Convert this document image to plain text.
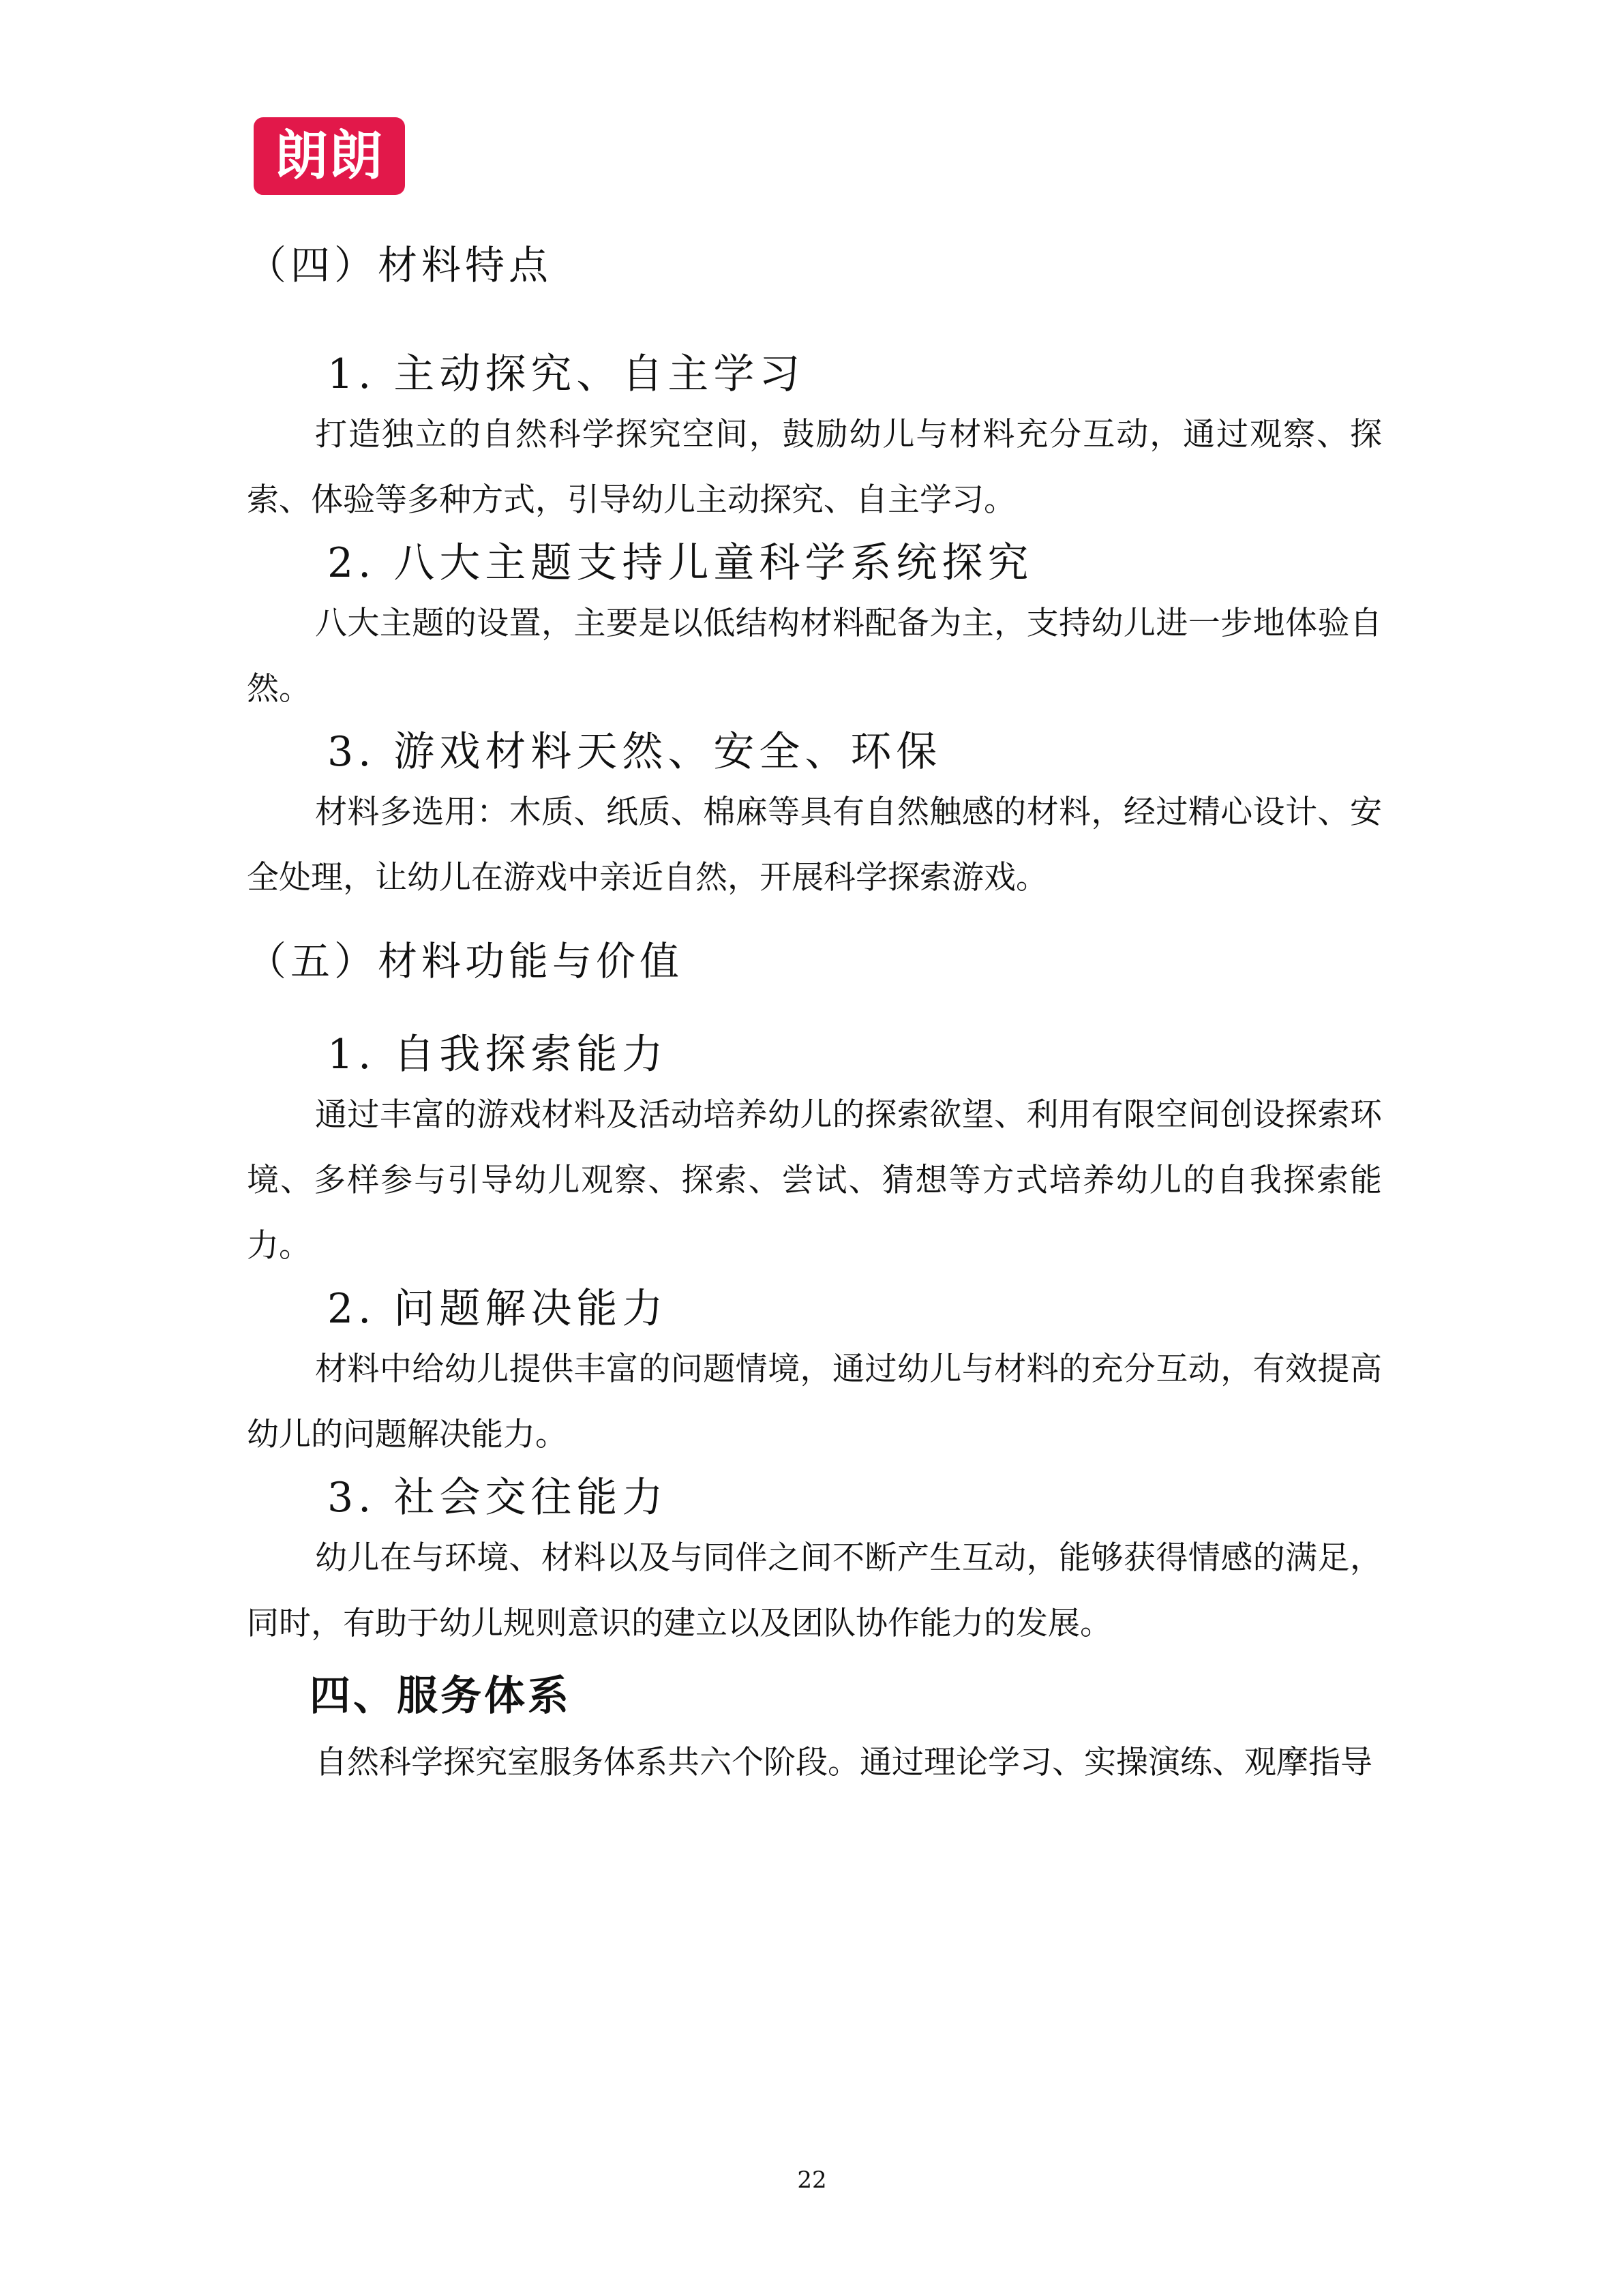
朗朗
（四）材料特点
1. 主动探究、自主学习

打造独立的自然科学探究空间，鼓励幼儿与材料充分互动，通过观察、探索、体验等多种方式，引导幼儿主动探究、自主学习。

2. 八大主题支持儿童科学系统探究

八大主题的设置，主要是以低结构材料配备为主，支持幼儿进一步地体验自然。

3. 游戏材料天然、安全、环保

材料多选用：木质、纸质、棉麻等具有自然触感的材料，经过精心设计、安全处理，让幼儿在游戏中亲近自然，开展科学探索游戏。

（五）材料功能与价值
1. 自我探索能力

通过丰富的游戏材料及活动培养幼儿的探索欲望、利用有限空间创设探索环境、多样参与引导幼儿观察、探索、尝试、猜想等方式培养幼儿的自我探索能力。

2. 问题解决能力

材料中给幼儿提供丰富的问题情境，通过幼儿与材料的充分互动，有效提高幼儿的问题解决能力。

3. 社会交往能力

幼儿在与环境、材料以及与同伴之间不断产生互动，能够获得情感的满足，同时，有助于幼儿规则意识的建立以及团队协作能力的发展。

四、服务体系

自然科学探究室服务体系共六个阶段。通过理论学习、实操演练、观摩指导

22
